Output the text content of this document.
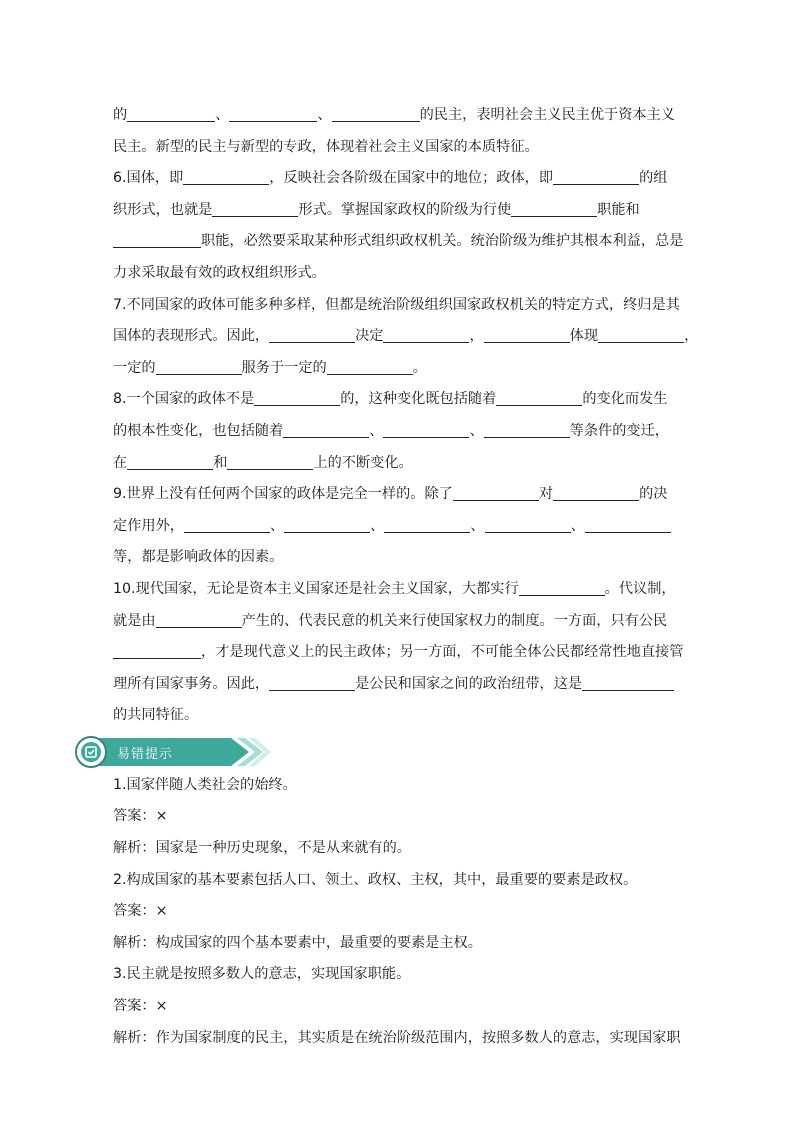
的	、	、	的民主，表明社会主义民主优于资本主义
民主。新型的民主与新型的专政，体现着社会主义国家的本质特征。
6.国体，即	，反映社会各阶级在国家中的地位；政体，即	的组
织形式，也就是	形式。掌握国家政权的阶级为行使	职能和
职能，必然要采取某种形式组织政权机关。统治阶级为维护其根本利益，总是
力求采取最有效的政权组织形式。
7.不同国家的政体可能多种多样，但都是统治阶级组织国家政权机关的特定方式，终归是其
国体的表现形式。因此，	决定	，	体现	，
一定的	服务于一定的	。
8.一个国家的政体不是	的，这种变化既包括随着	的变化而发生
的根本性变化，也包括随着	、	、	等条件的变迁，
在	和	上的不断变化。
9.世界上没有任何两个国家的政体是完全一样的。除了	对	的决
定作用外，	、	、	、	、
等，都是影响政体的因素。
10.现代国家，无论是资本主义国家还是社会主义国家，大都实行	。代议制，
就是由	产生的、代表民意的机关来行使国家权力的制度。一方面，只有公民
，才是现代意义上的民主政体；另一方面，不可能全体公民都经常性地直接管
理所有国家事务。因此，	是公民和国家之间的政治纽带，这是
的共同特征。
易错提示
1.国家伴随人类社会的始终。
答案：×
解析：国家是一种历史现象，不是从来就有的。
2.构成国家的基本要素包括人口、领土、政权、主权，其中，最重要的要素是政权。
答案：×
解析：构成国家的四个基本要素中，最重要的要素是主权。
3.民主就是按照多数人的意志，实现国家职能。
答案：×
解析：作为国家制度的民主，其实质是在统治阶级范围内，按照多数人的意志，实现国家职
